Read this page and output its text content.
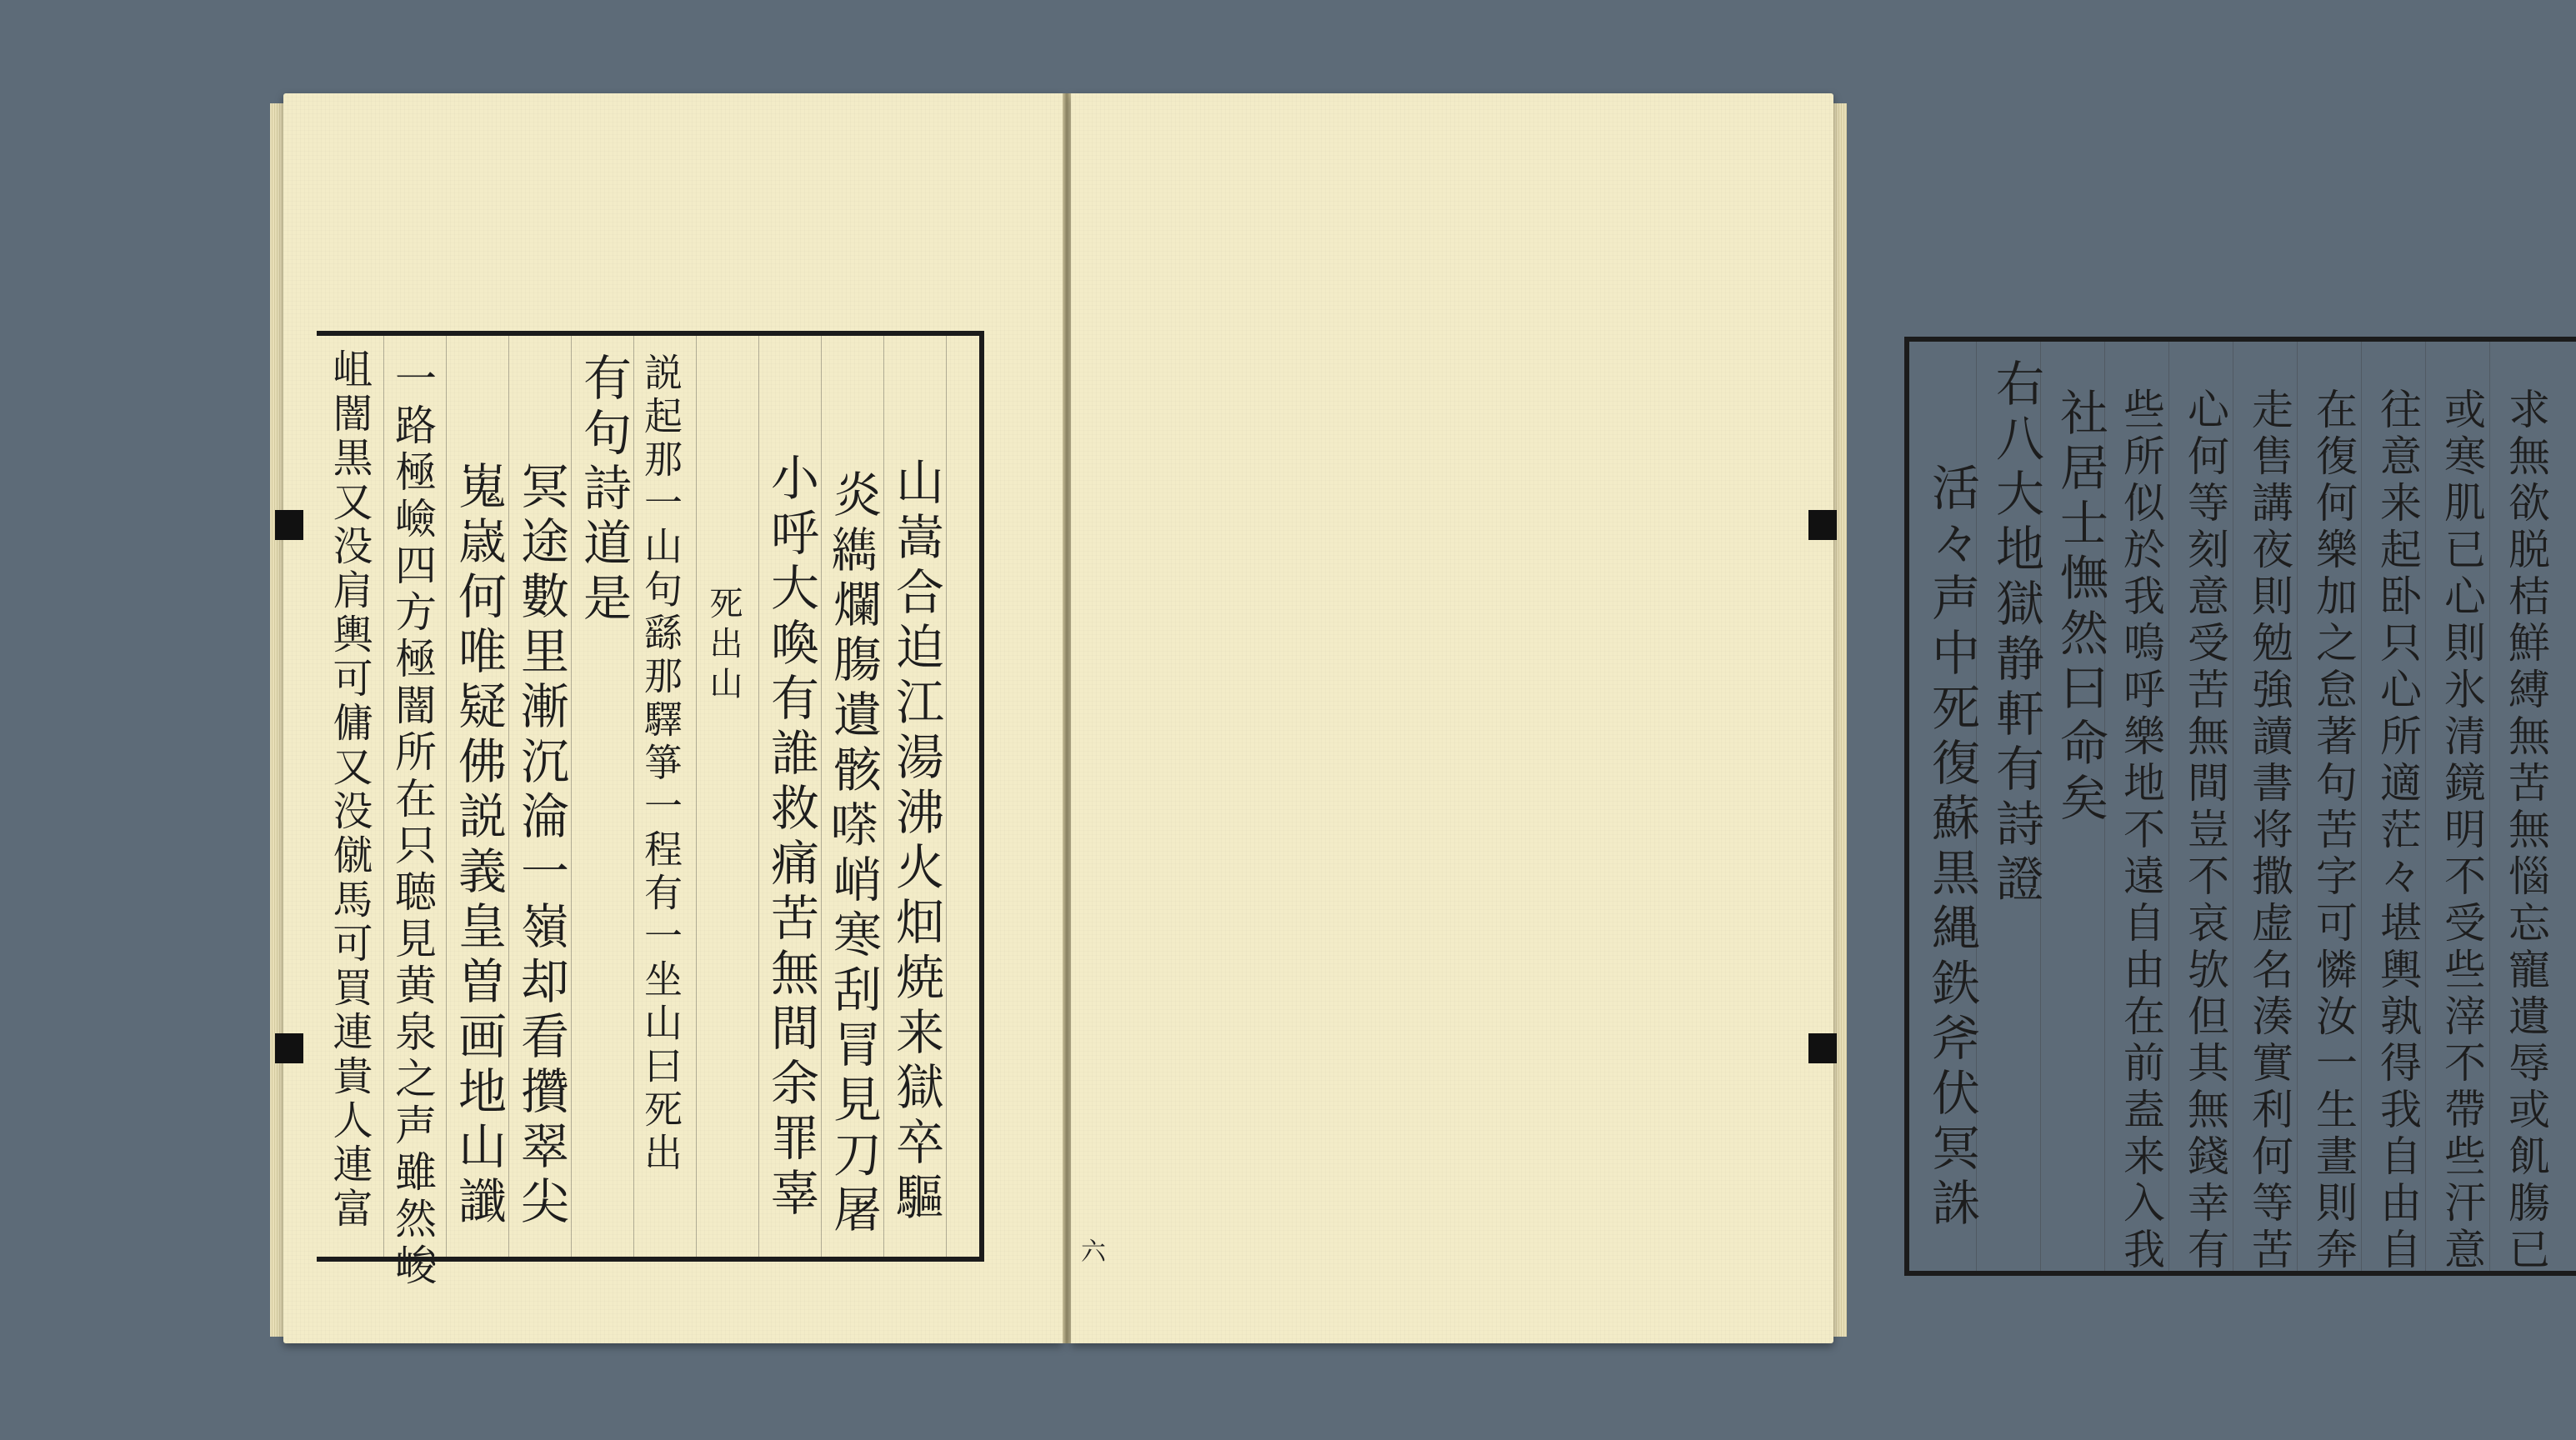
山嵩合迫江湯沸火𤇆焼来獄卒驅
炎𦆈爛膓遺骸𠻬峭寒刮冐見刀屠
小呼大喚有誰救痛苦無間余罪辜
死出山
説起那一山句繇那驛箏一程有一坐山曰死出
有句詩道是
冥途數里漸沉淪一嶺却看攢翠尖
嵬𡻕何唯疑佛説義皇曽画地山讖
一路極嶮四方極闇所在只聴見黄泉之声雖然峻
岨闇黒又没肩輿可傭又没僦馬可買連貴人連富	求無欲脱桔鮮縛無苦無惱忘寵遺辱或飢膓已
或寒肌已心則氷清鏡明不受些滓不帶些汗意
往意来起卧只心所適茫々堪輿孰得我自由自
在復何樂加之怠著句苦字可憐汝一生晝則奔
走售講夜則勉強讀書将撒虚名湊實利何等苦
心何等刻意受苦無間豈不哀欤但其無錢幸有
些所似於我嗚呼樂地不遠自由在前盍来入我
社居士憮然曰命矣
右八大地獄静軒有詩證
活々声中死復蘇黒縄鉄斧伏冥誅
六
